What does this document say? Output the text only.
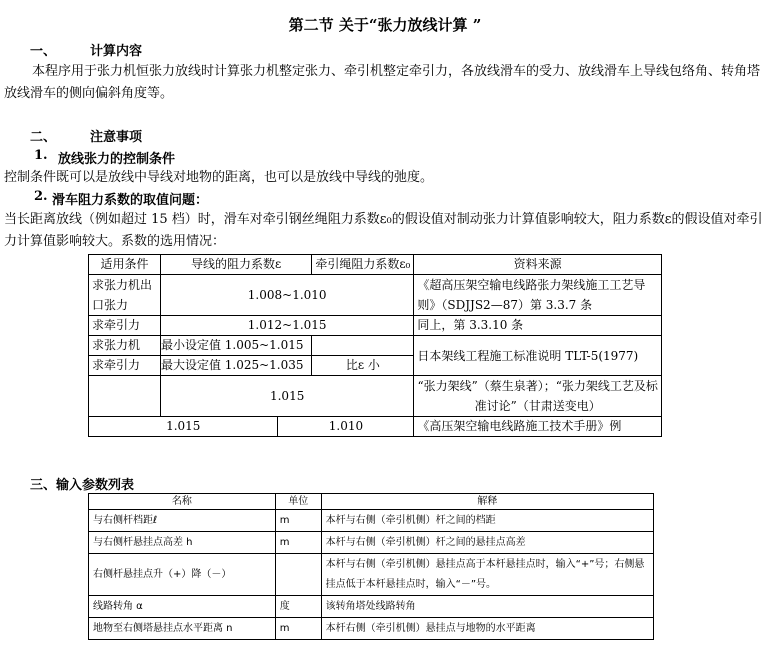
第二节 关于“张力放线计算 ”
一、	计算内容
本程序用于张力机恒张力放线时计算张力机整定张力、牵引机整定牵引力，各放线滑车的受力、放线滑车上导线包络角、转角塔放线滑车的侧向偏斜角度等。
二、	注意事项
1. 放线张力的控制条件
控制条件既可以是放线中导线对地物的距离，也可以是放线中导线的弛度。
2. 滑车阻力系数的取值问题：
当长距离放线（例如超过 15 档）时，滑车对牵引钢丝绳阻力系数ε₀的假设值对制动张力计算值影响较大，阻力系数ε的假设值对牵引力计算值影响较大。系数的选用情况：
适用条件	导线的阻力系数ε		牵引绳阻力系数ε₀	资料来源
求张力机出口张力	1.008~1.010			《超高压架空输电线路张力架线施工工艺导则》（SDJJS2—87）第 3.3.7 条
求牵引力	1.012~1.015			同上，第 3.3.10 条
求张力机	最小设定值 1.005~1.015			日本架线工程施工标准说明 TLT-5(1977)
求牵引力	最大设定值 1.025~1.035		比ε 小	
	1.015			“张力架线”（蔡生泉著）；“张力架线工艺及标准讨论”（甘肃送变电）
1.015		1.010		《高压架空输电线路施工技术手册》例
三、输入参数列表
名称	单位	解释
与右侧杆档距ℓ	m	本杆与右侧（牵引机侧）杆之间的档距
与右侧杆悬挂点高差 h	m	本杆与右侧（牵引机侧）杆之间的悬挂点高差
右侧杆悬挂点升（+）降（－）		本杆与右侧（牵引机侧）悬挂点高于本杆悬挂点时，输入“+”号；右侧悬挂点低于本杆悬挂点时，输入“－”号。
线路转角 α	度	该转角塔处线路转角
地物至右侧塔悬挂点水平距离 n	m	本杆右侧（牵引机侧）悬挂点与地物的水平距离
